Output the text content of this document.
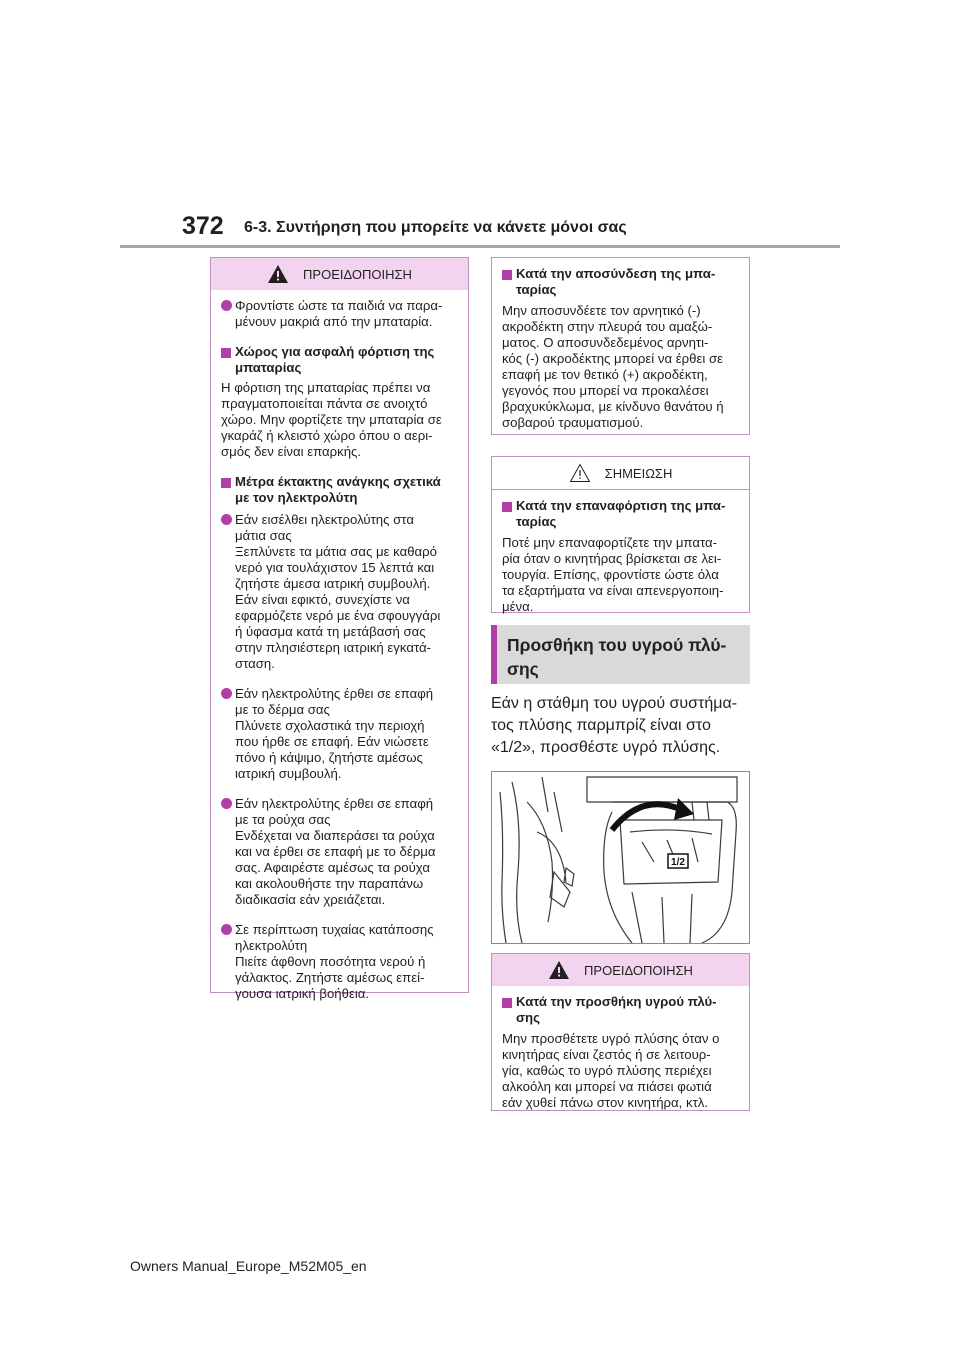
372 6-3. Συντήρηση που μπορείτε να κάνετε μόνοι σας
ΠΡΟΕΙΔΟΠΟΙΗΣΗ
Φροντίστε ώστε τα παιδιά να παρα-
μένουν μακριά από την μπαταρία.
Χώρος για ασφαλή φόρτιση της
μπαταρίας
Η φόρτιση της μπαταρίας πρέπει να
πραγματοποιείται πάντα σε ανοιχτό
χώρο. Μην φορτίζετε την μπαταρία σε
γκαράζ ή κλειστό χώρο όπου ο αερι-
σμός δεν είναι επαρκής.
Μέτρα έκτακτης ανάγκης σχετικά
με τον ηλεκτρολύτη
Εάν εισέλθει ηλεκτρολύτης στα
μάτια σας
Ξεπλύνετε τα μάτια σας με καθαρό
νερό για τουλάχιστον 15 λεπτά και
ζητήστε άμεσα ιατρική συμβουλή.
Εάν είναι εφικτό, συνεχίστε να
εφαρμόζετε νερό με ένα σφουγγάρι
ή ύφασμα κατά τη μετάβασή σας
στην πλησιέστερη ιατρική εγκατά-
σταση.
Εάν ηλεκτρολύτης έρθει σε επαφή
με το δέρμα σας
Πλύνετε σχολαστικά την περιοχή
που ήρθε σε επαφή. Εάν νιώσετε
πόνο ή κάψιμο, ζητήστε αμέσως
ιατρική συμβουλή.
Εάν ηλεκτρολύτης έρθει σε επαφή
με τα ρούχα σας
Ενδέχεται να διαπεράσει τα ρούχα
και να έρθει σε επαφή με το δέρμα
σας. Αφαιρέστε αμέσως τα ρούχα
και ακολουθήστε την παραπάνω
διαδικασία εάν χρειάζεται.
Σε περίπτωση τυχαίας κατάποσης
ηλεκτρολύτη
Πιείτε άφθονη ποσότητα νερού ή
γάλακτος. Ζητήστε αμέσως επεί-
γουσα ιατρική βοήθεια.
Κατά την αποσύνδεση της μπα-
ταρίας
Μην αποσυνδέετε τον αρνητικό (-)
ακροδέκτη στην πλευρά του αμαξώ-
ματος. Ο αποσυνδεδεμένος αρνητι-
κός (-) ακροδέκτης μπορεί να έρθει σε
επαφή με τον θετικό (+) ακροδέκτη,
γεγονός που μπορεί να προκαλέσει
βραχυκύκλωμα, με κίνδυνο θανάτου ή
σοβαρού τραυματισμού.
ΣΗΜΕΙΩΣΗ
Κατά την επαναφόρτιση της μπα-
ταρίας
Ποτέ μην επαναφορτίζετε την μπατα-
ρία όταν ο κινητήρας βρίσκεται σε λει-
τουργία. Επίσης, φροντίστε ώστε όλα
τα εξαρτήματα να είναι απενεργοποιη-
μένα.
Προσθήκη του υγρού πλύ-
σης
Εάν η στάθμη του υγρού συστήμα-
τος πλύσης παρμπρίζ είναι στο
«1/2», προσθέστε υγρό πλύσης.
1/2
ΠΡΟΕΙΔΟΠΟΙΗΣΗ
Κατά την προσθήκη υγρού πλύ-
σης
Μην προσθέτετε υγρό πλύσης όταν ο
κινητήρας είναι ζεστός ή σε λειτουρ-
γία, καθώς το υγρό πλύσης περιέχει
αλκοόλη και μπορεί να πιάσει φωτιά
εάν χυθεί πάνω στον κινητήρα, κτλ.
Owners Manual_Europe_M52M05_en
